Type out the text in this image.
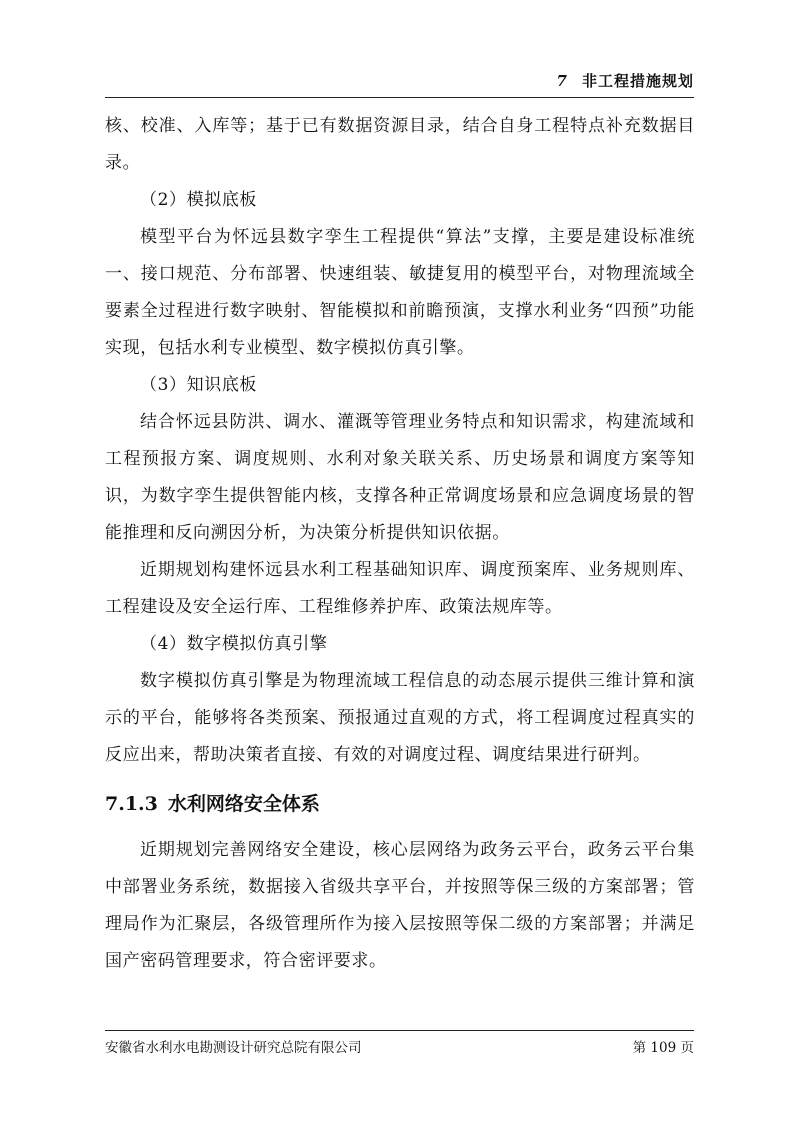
7 非工程措施规划

核、校准、入库等；基于已有数据资源目录，结合自身工程特点补充数据目录。

（2）模拟底板

模型平台为怀远县数字孪生工程提供“算法”支撑，主要是建设标准统一、接口规范、分布部署、快速组装、敏捷复用的模型平台，对物理流域全要素全过程进行数字映射、智能模拟和前瞻预演，支撑水利业务“四预”功能实现，包括水利专业模型、数字模拟仿真引擎。

（3）知识底板

结合怀远县防洪、调水、灌溉等管理业务特点和知识需求，构建流域和工程预报方案、调度规则、水利对象关联关系、历史场景和调度方案等知识，为数字孪生提供智能内核，支撑各种正常调度场景和应急调度场景的智能推理和反向溯因分析，为决策分析提供知识依据。

近期规划构建怀远县水利工程基础知识库、调度预案库、业务规则库、工程建设及安全运行库、工程维修养护库、政策法规库等。

（4）数字模拟仿真引擎

数字模拟仿真引擎是为物理流域工程信息的动态展示提供三维计算和演示的平台，能够将各类预案、预报通过直观的方式，将工程调度过程真实的反应出来，帮助决策者直接、有效的对调度过程、调度结果进行研判。

7.1.3 水利网络安全体系

近期规划完善网络安全建设，核心层网络为政务云平台，政务云平台集中部署业务系统，数据接入省级共享平台，并按照等保三级的方案部署；管理局作为汇聚层，各级管理所作为接入层按照等保二级的方案部署；并满足国产密码管理要求，符合密评要求。

安徽省水利水电勘测设计研究总院有限公司	第 109 页
